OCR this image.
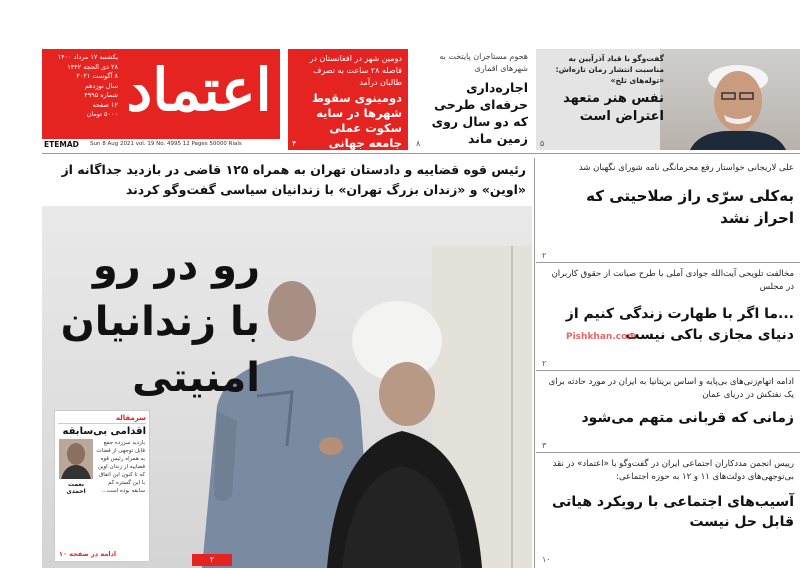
یکشنبه ۱۷ مرداد ۱۴۰۰
۲۸ ذی الحجه ۱۴۴۲
۸ آگوست ۲۰۲۱
سال نوزدهم
شماره ۴۹۹۵
۱۲ صفحه
۵۰۰۰ تومان اعتماد
ETEMAD Sun 8 Aug 2021 vol. 19 No. 4995 12 Pages 50000 Rials
دومین شهر در افغانستان در فاصله ۲۸ ساعت به تصرف طالبان درآمد
دومینوی سقوط شهرها در سایه سکوت عملی جامعه جهانی
۴
هجوم مستاجران پایتخت به شهرهای اقماری
اجاره‌داری حرفه‌ای طرحی که دو سال روی زمین ماند
۸
گفت‌وگو با قباد آذرآیین به مناسبت انتشار رمان تازه‌اش: «تولەهای تلخ»
نفس هنر متعهد اعتراض است
۵
رئیس قوه قضاییه و دادستان تهران به همراه ۱۲۵ قاضی در بازدید جداگانه از «اوین» و «زندان بزرگ تهران» با زندانیان سیاسی گفت‌وگو کردند
رو در رو
با زندانیان
امنیتی
۲
سرمقاله
اقدامی بی‌سابقه
بازدید سرزده جمع قابل توجهی از قضات به همراه رئیس قوه قضاییه از زندان اوین که تا کنون این اتفاق با این گستره کم سابقه بوده است...
نعمت احمدی
ادامه در صفحه ۱۰
علی لاریجانی خواستار رفع محرمانگی نامه شورای نگهبان شد
به‌کلی سرّی راز صلاحیتی که احراز نشد
۲
مخالفت تلویحی آیت‌الله جوادی آملی با طرح صیانت از حقوق کاربران در مجلس
Pishkhan.com
...ما اگر با طهارت زندگی کنیم از دنیای مجازی باکی نیست
۲
ادامه اتهام‌زنی‌های بی‌پایه و اساس بریتانیا به ایران در مورد حادثه برای یک نفتکش در دریای عمان
زمانی که قربانی متهم می‌شود
۳
رییس انجمن مددکاران اجتماعی ایران در گفت‌وگو با «اعتماد» در نقد بی‌توجهی‌های دولت‌های ۱۱ و ۱۲ به حوزه اجتماعی:
آسیب‌های اجتماعی با رویکرد هیاتی قابل حل نیست
۱۰
